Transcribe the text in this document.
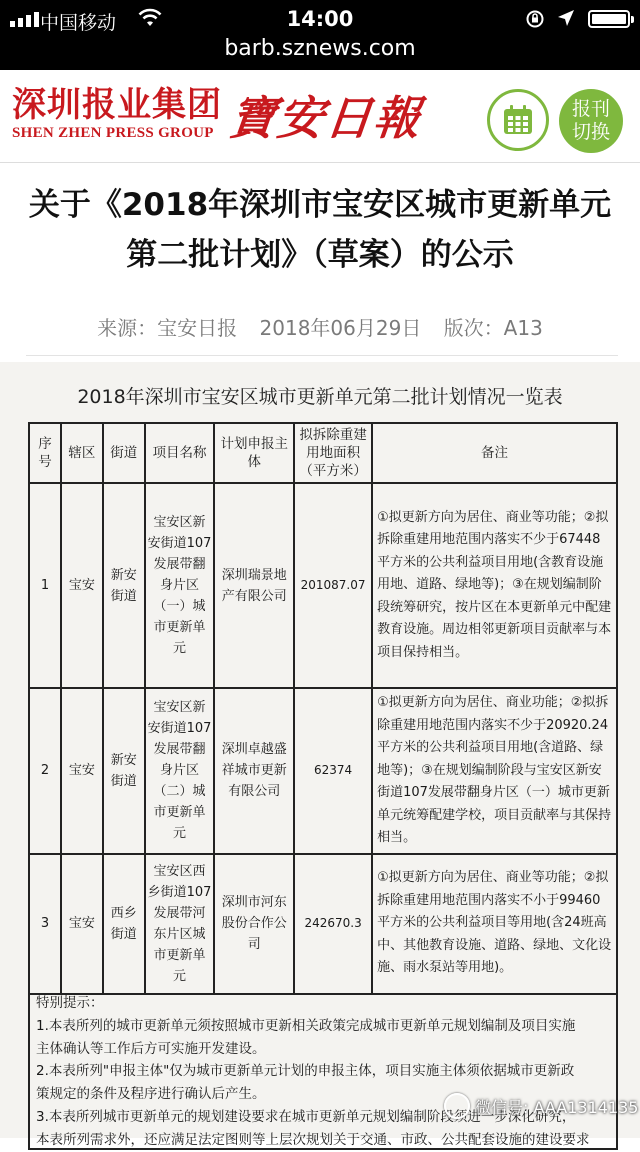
中国移动	14:00
barb.sznews.com
深圳报业集团
SHEN ZHEN PRESS GROUP 寶安日報	报刊
切换
关于《2018年深圳市宝安区城市更新单元第二批计划》（草案）的公示
来源：宝安日报 2018年06月29日 版次：A13
2018年深圳市宝安区城市更新单元第二批计划情况一览表
序号	辖区	街道	项目名称	计划申报主体	拟拆除重建用地面积（平方米）	备注
1	宝安	新安街道	宝安区新安街道107发展带翻身片区（一）城市更新单元	深圳瑞景地产有限公司	201087.07	①拟更新方向为居住、商业等功能；②拟拆除重建用地范围内落实不少于67448平方米的公共利益项目用地(含教育设施用地、道路、绿地等)；③在规划编制阶段统筹研究，按片区在本更新单元中配建教育设施。周边相邻更新项目贡献率与本项目保持相当。
2	宝安	新安街道	宝安区新安街道107发展带翻身片区（二）城市更新单元	深圳卓越盛祥城市更新有限公司	62374	①拟更新方向为居住、商业功能；②拟拆除重建用地范围内落实不少于20920.24平方米的公共利益项目用地(含道路、绿地等)；③在规划编制阶段与宝安区新安街道107发展带翻身片区（一）城市更新单元统筹配建学校，项目贡献率与其保持相当。
3	宝安	西乡街道	宝安区西乡街道107发展带河东片区城市更新单元	深圳市河东股份合作公司	242670.3	①拟更新方向为居住、商业等功能；②拟拆除重建用地范围内落实不小于99460平方米的公共利益项目等用地(含24班高中、其他教育设施、道路、绿地、文化设施、雨水泵站等用地)。

特别提示：

1.本表所列的城市更新单元须按照城市更新相关政策完成城市更新单元规划编制及项目实施

主体确认等工作后方可实施开发建设。

2.本表所列"申报主体"仅为城市更新单元计划的申报主体，项目实施主体须依据城市更新政

策规定的条件及程序进行确认后产生。

3.本表所列城市更新单元的规划建设要求在城市更新单元规划编制阶段须进一步深化研究，

本表所列需求外，还应满足法定图则等上层次规划关于交通、市政、公共配套设施的建设要求

微信号: AAA1314135
